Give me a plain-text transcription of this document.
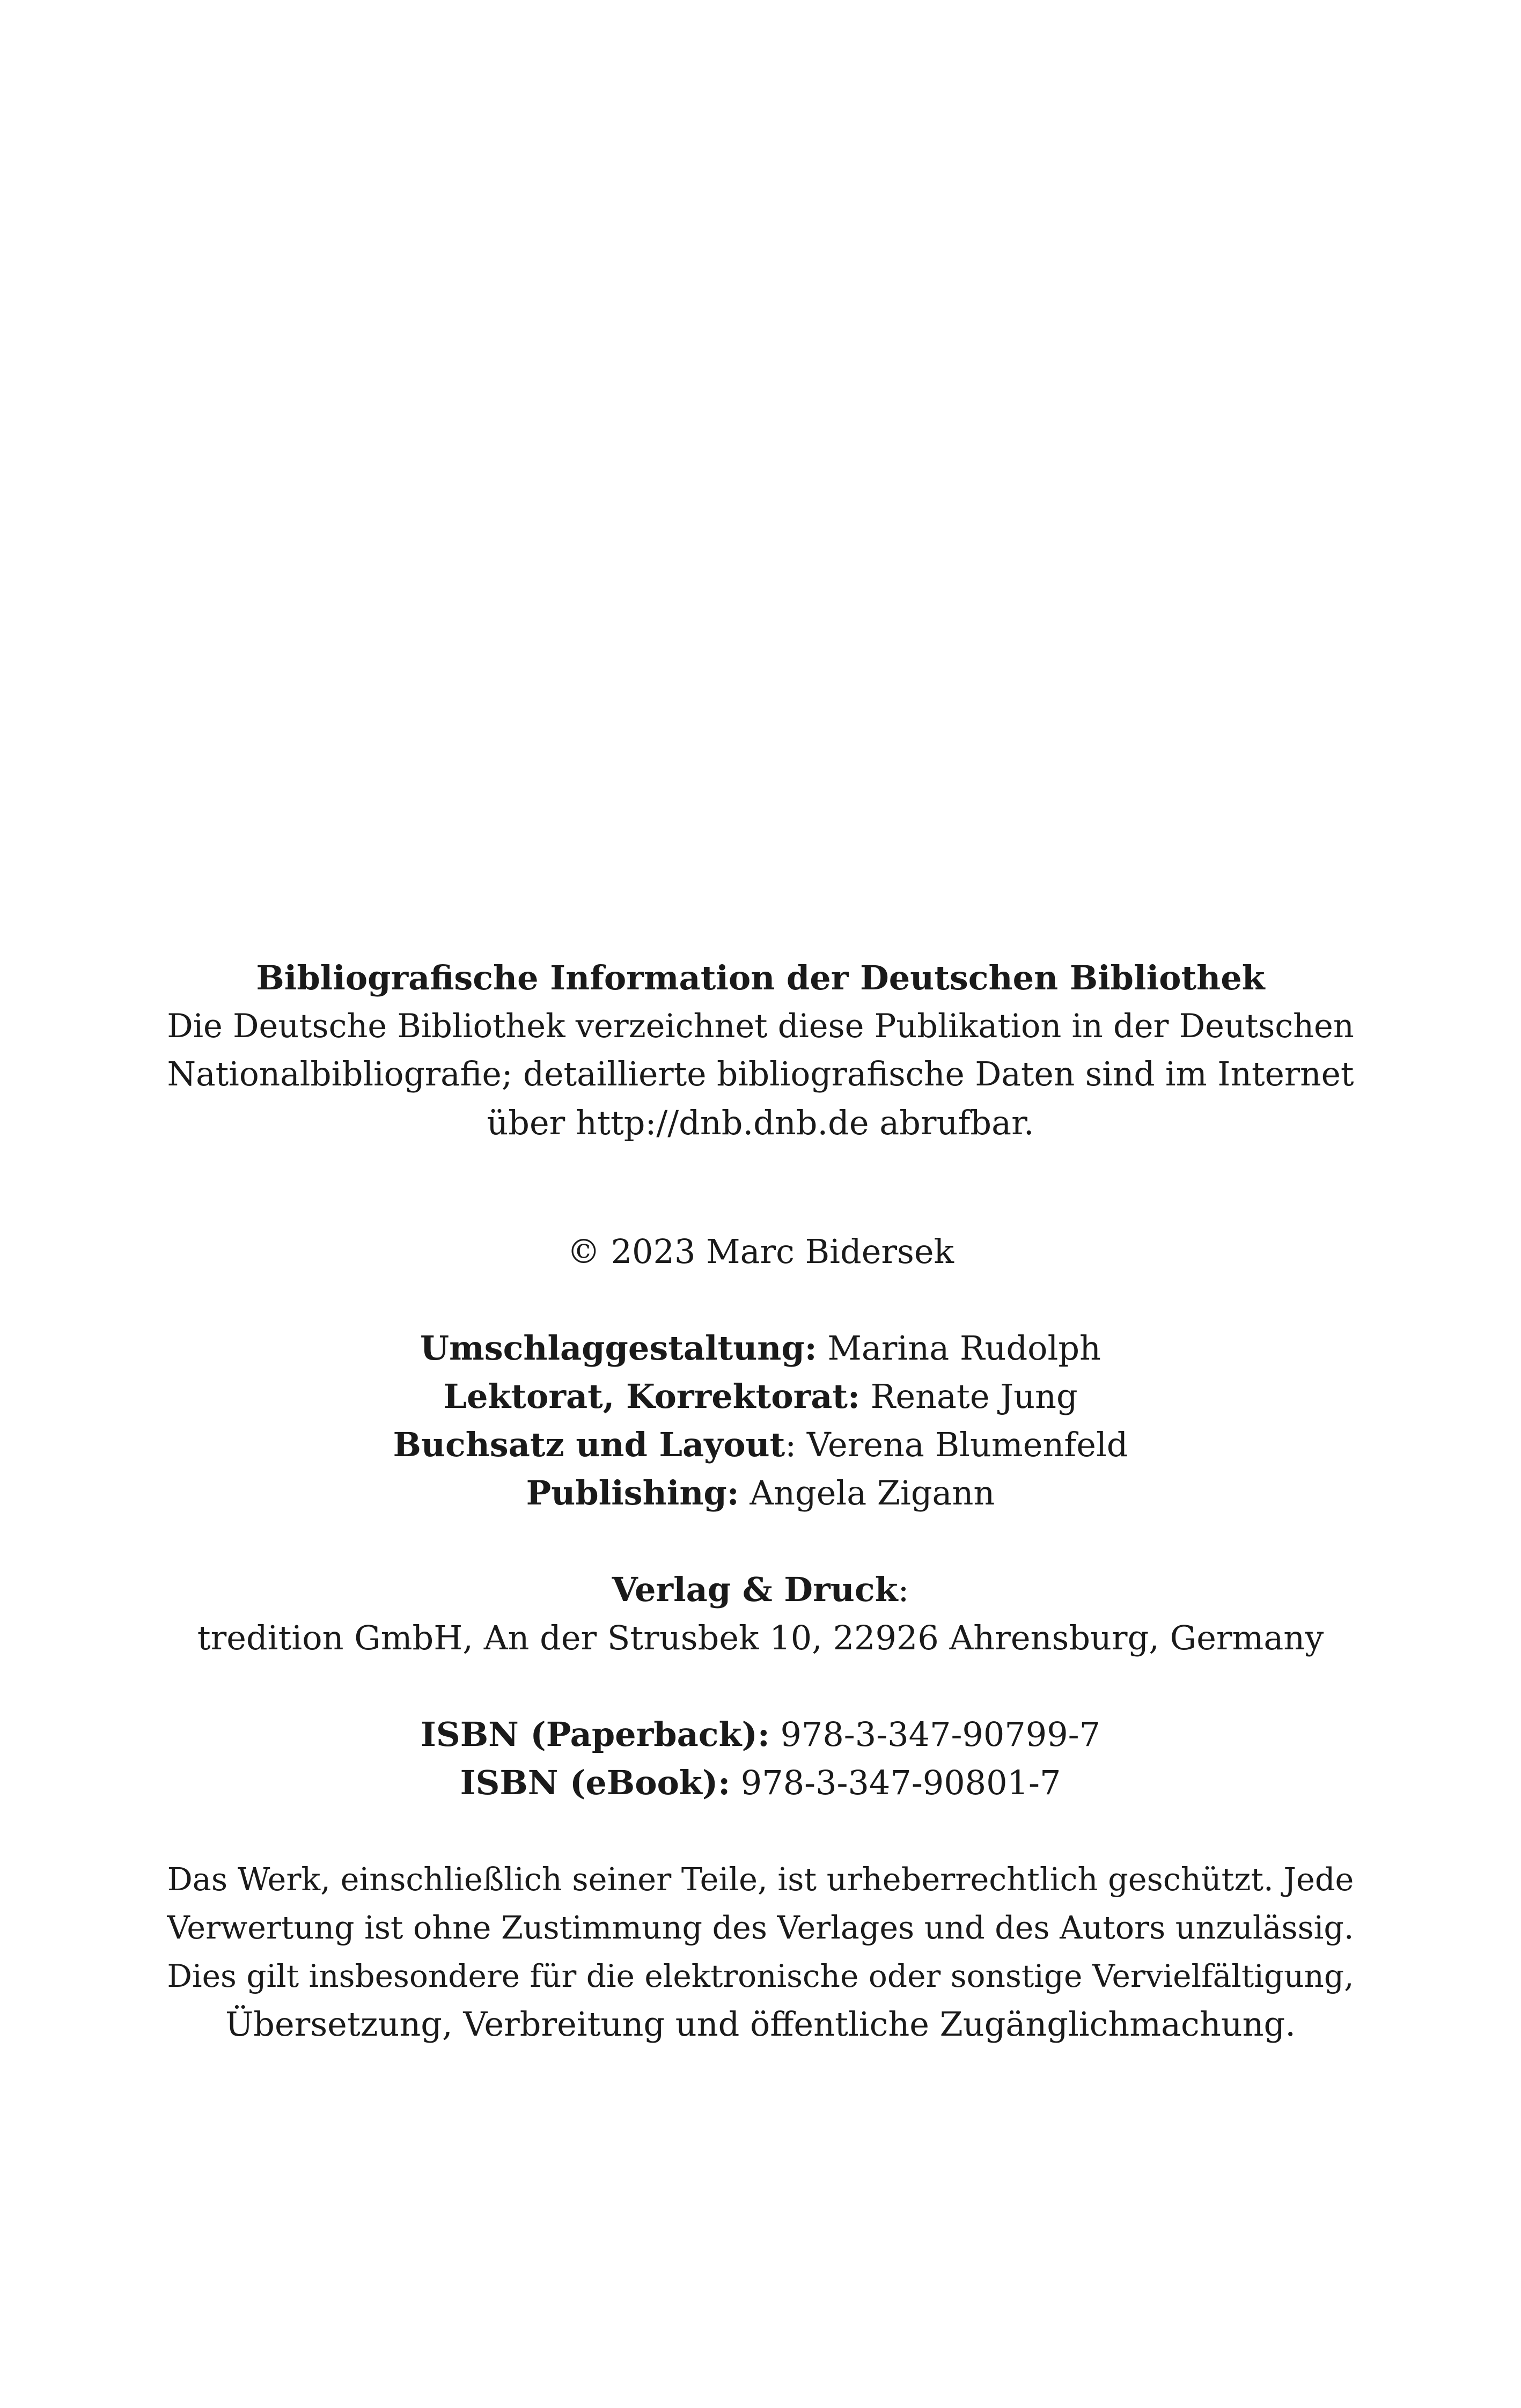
Bibliografische Information der Deutschen Bibliothek
Die Deutsche Bibliothek verzeichnet diese Publikation in der Deutschen
Nationalbibliografie; detaillierte bibliografische Daten sind im Internet
über http://dnb.dnb.de abrufbar.
© 2023 Marc Bidersek
Umschlaggestaltung: Marina Rudolph
Lektorat, Korrektorat: Renate Jung
Buchsatz und Layout: Verena Blumenfeld
Publishing: Angela Zigann
Verlag & Druck:
tredition GmbH, An der Strusbek 10, 22926 Ahrensburg, Germany
ISBN (Paperback): 978-3-347-90799-7
ISBN (eBook): 978-3-347-90801-7
Das Werk, einschließlich seiner Teile, ist urheberrechtlich geschützt. Jede
Verwertung ist ohne Zustimmung des Verlages und des Autors unzulässig.
Dies gilt insbesondere für die elektronische oder sonstige Vervielfältigung,
Übersetzung, Verbreitung und öffentliche Zugänglichmachung.
